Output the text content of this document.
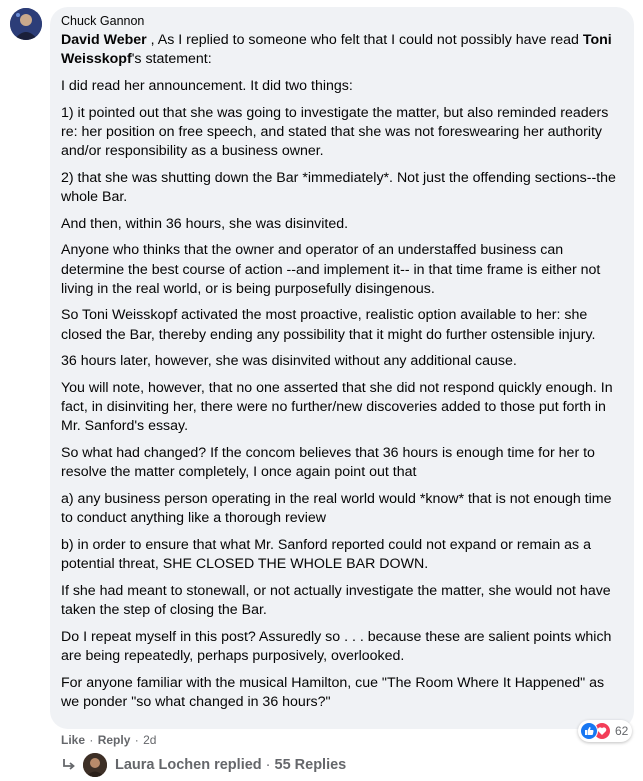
Chuck Gannon
David Weber , As I replied to someone who felt that I could not possibly have read Toni Weisskopf's statement:
I did read her announcement. It did two things:
1) it pointed out that she was going to investigate the matter, but also reminded readers re: her position on free speech, and stated that she was not foreswearing her authority and/or responsibility as a business owner.
2) that she was shutting down the Bar *immediately*. Not just the offending sections--the whole Bar.
And then, within 36 hours, she was disinvited.
Anyone who thinks that the owner and operator of an understaffed business can determine the best course of action --and implement it-- in that time frame is either not living in the real world, or is being purposefully disingenous.
So Toni Weisskopf activated the most proactive, realistic option available to her: she closed the Bar, thereby ending any possibility that it might do further ostensible injury.
36 hours later, however, she was disinvited without any additional cause.
You will note, however, that no one asserted that she did not respond quickly enough. In fact, in disinviting her, there were no further/new discoveries added to those put forth in Mr. Sanford's essay.
So what had changed? If the concom believes that 36 hours is enough time for her to resolve the matter completely, I once again point out that
a) any business person operating in the real world would *know* that is not enough time to conduct anything like a thorough review
b) in order to ensure that what Mr. Sanford reported could not expand or remain as a potential threat, SHE CLOSED THE WHOLE BAR DOWN.
If she had meant to stonewall, or not actually investigate the matter, she would not have taken the step of closing the Bar.
Do I repeat myself in this post? Assuredly so . . . because these are salient points which are being repeatedly, perhaps purposively, overlooked.
For anyone familiar with the musical Hamilton, cue "The Room Where It Happened" as we ponder "so what changed in 36 hours?"
62
Like · Reply · 2d
Laura Lochen replied · 55 Replies
